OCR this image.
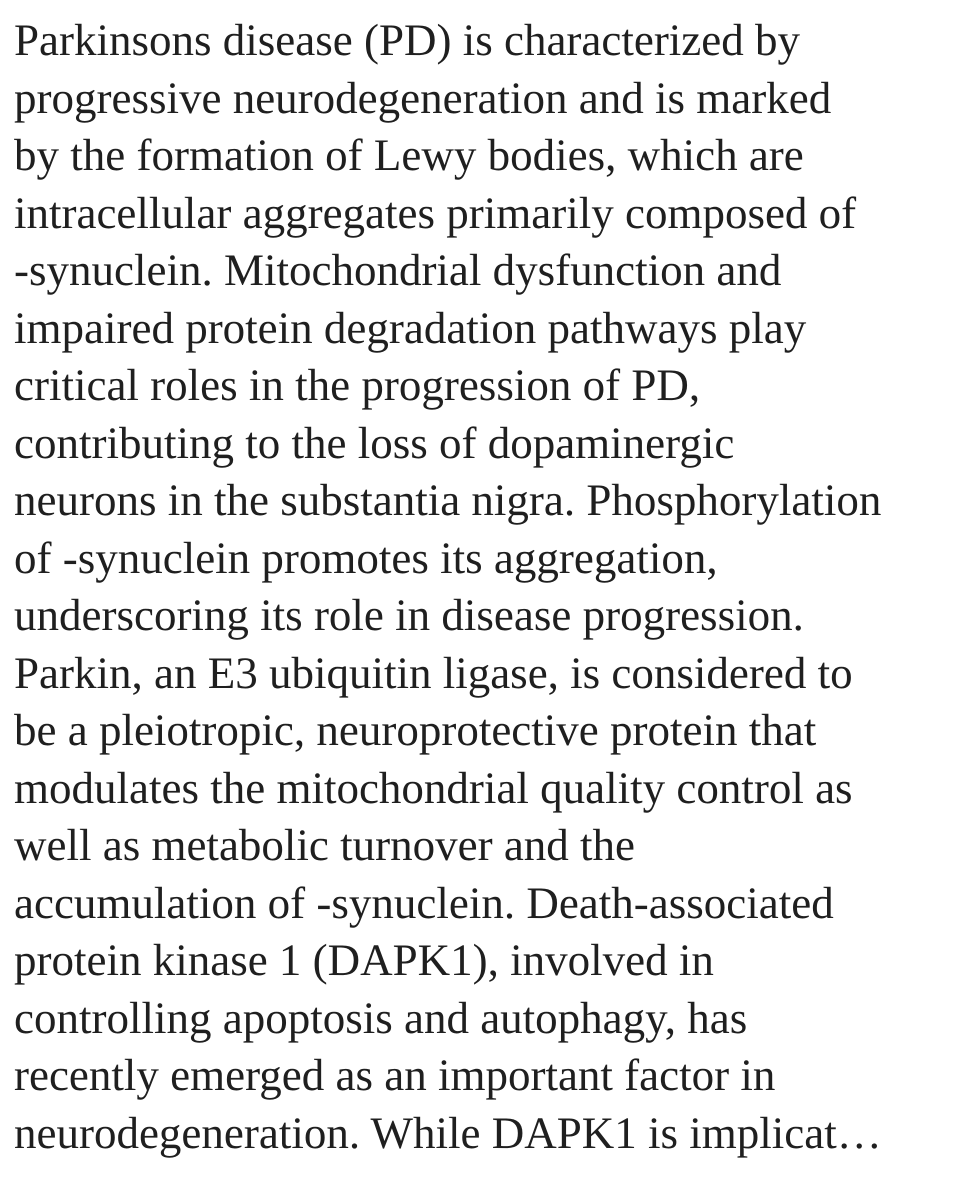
Parkinsons disease (PD) is characterized by
progressive neurodegeneration and is marked
by the formation of Lewy bodies, which are
intracellular aggregates primarily composed of
-synuclein. Mitochondrial dysfunction and
impaired protein degradation pathways play
critical roles in the progression of PD,
contributing to the loss of dopaminergic
neurons in the substantia nigra. Phosphorylation
of -synuclein promotes its aggregation,
underscoring its role in disease progression.
Parkin, an E3 ubiquitin ligase, is considered to
be a pleiotropic, neuroprotective protein that
modulates the mitochondrial quality control as
well as metabolic turnover and the
accumulation of -synuclein. Death-associated
protein kinase 1 (DAPK1), involved in
controlling apoptosis and autophagy, has
recently emerged as an important factor in
neurodegeneration. While DAPK1 is implicat…
